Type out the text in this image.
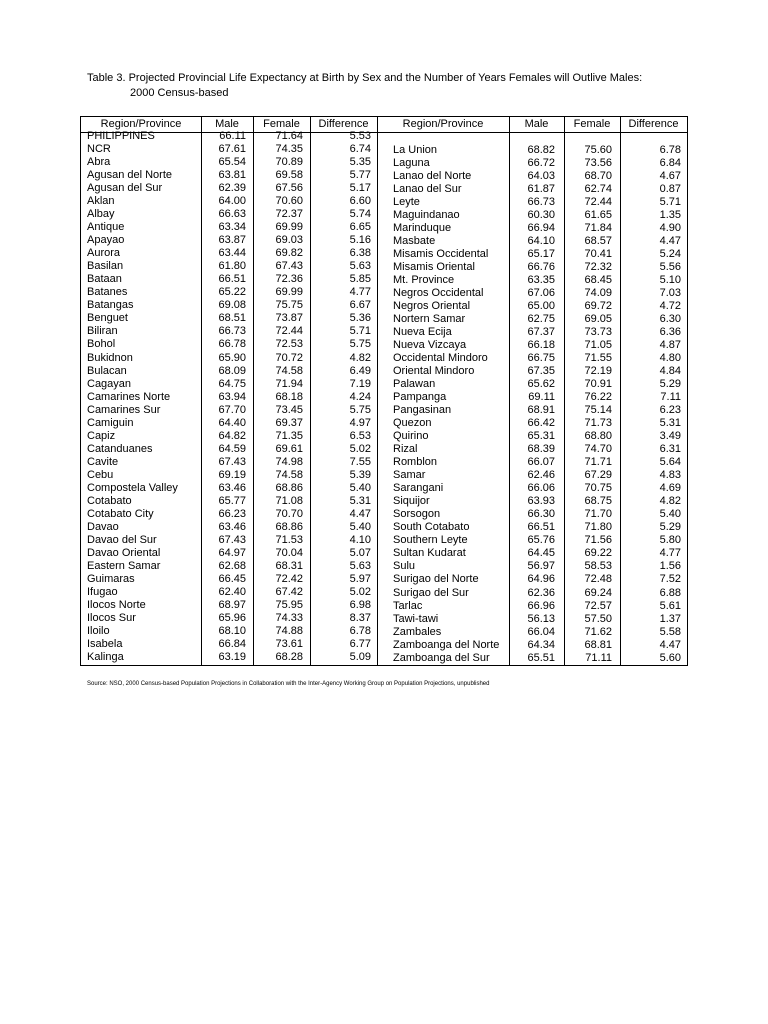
Table 3. Projected Provincial Life Expectancy at Birth by Sex and the Number of Years Females will Outlive Males:
2000 Census-based
Region/Province	Male	Female	Difference	Region/Province	Male	Female	Difference
PHILIPPINES	66.11	71.64	5.53
NCR	67.61	74.35	6.74
Abra	65.54	70.89	5.35
Agusan del Norte	63.81	69.58	5.77
Agusan del Sur	62.39	67.56	5.17
Aklan	64.00	70.60	6.60
Albay	66.63	72.37	5.74
Antique	63.34	69.99	6.65
Apayao	63.87	69.03	5.16
Aurora	63.44	69.82	6.38
Basilan	61.80	67.43	5.63
Bataan	66.51	72.36	5.85
Batanes	65.22	69.99	4.77
Batangas	69.08	75.75	6.67
Benguet	68.51	73.87	5.36
Biliran	66.73	72.44	5.71
Bohol	66.78	72.53	5.75
Bukidnon	65.90	70.72	4.82
Bulacan	68.09	74.58	6.49
Cagayan	64.75	71.94	7.19
Camarines Norte	63.94	68.18	4.24
Camarines Sur	67.70	73.45	5.75
Camiguin	64.40	69.37	4.97
Capiz	64.82	71.35	6.53
Catanduanes	64.59	69.61	5.02
Cavite	67.43	74.98	7.55
Cebu	69.19	74.58	5.39
Compostela Valley	63.46	68.86	5.40
Cotabato	65.77	71.08	5.31
Cotabato City	66.23	70.70	4.47
Davao	63.46	68.86	5.40
Davao del Sur	67.43	71.53	4.10
Davao Oriental	64.97	70.04	5.07
Eastern Samar	62.68	68.31	5.63
Guimaras	66.45	72.42	5.97
Ifugao	62.40	67.42	5.02
Ilocos Norte	68.97	75.95	6.98
Ilocos Sur	65.96	74.33	8.37
Iloilo	68.10	74.88	6.78
Isabela	66.84	73.61	6.77
Kalinga	63.19	68.28	5.09
La Union	68.82	75.60	6.78
Laguna	66.72	73.56	6.84
Lanao del Norte	64.03	68.70	4.67
Lanao del Sur	61.87	62.74	0.87
Leyte	66.73	72.44	5.71
Maguindanao	60.30	61.65	1.35
Marinduque	66.94	71.84	4.90
Masbate	64.10	68.57	4.47
Misamis Occidental	65.17	70.41	5.24
Misamis Oriental	66.76	72.32	5.56
Mt. Province	63.35	68.45	5.10
Negros Occidental	67.06	74.09	7.03
Negros Oriental	65.00	69.72	4.72
Nortern Samar	62.75	69.05	6.30
Nueva Ecija	67.37	73.73	6.36
Nueva Vizcaya	66.18	71.05	4.87
Occidental Mindoro	66.75	71.55	4.80
Oriental Mindoro	67.35	72.19	4.84
Palawan	65.62	70.91	5.29
Pampanga	69.11	76.22	7.11
Pangasinan	68.91	75.14	6.23
Quezon	66.42	71.73	5.31
Quirino	65.31	68.80	3.49
Rizal	68.39	74.70	6.31
Romblon	66.07	71.71	5.64
Samar	62.46	67.29	4.83
Sarangani	66.06	70.75	4.69
Siquijor	63.93	68.75	4.82
Sorsogon	66.30	71.70	5.40
South Cotabato	66.51	71.80	5.29
Southern Leyte	65.76	71.56	5.80
Sultan Kudarat	64.45	69.22	4.77
Sulu	56.97	58.53	1.56
Surigao del Norte	64.96	72.48	7.52
Surigao del Sur	62.36	69.24	6.88
Tarlac	66.96	72.57	5.61
Tawi-tawi	56.13	57.50	1.37
Zambales	66.04	71.62	5.58
Zamboanga del Norte	64.34	68.81	4.47
Zamboanga del Sur	65.51	71.11	5.60
Source: NSO, 2000 Census-based Population Projections in Collaboration with the Inter-Agency Working Group on Population Projections, unpublished
